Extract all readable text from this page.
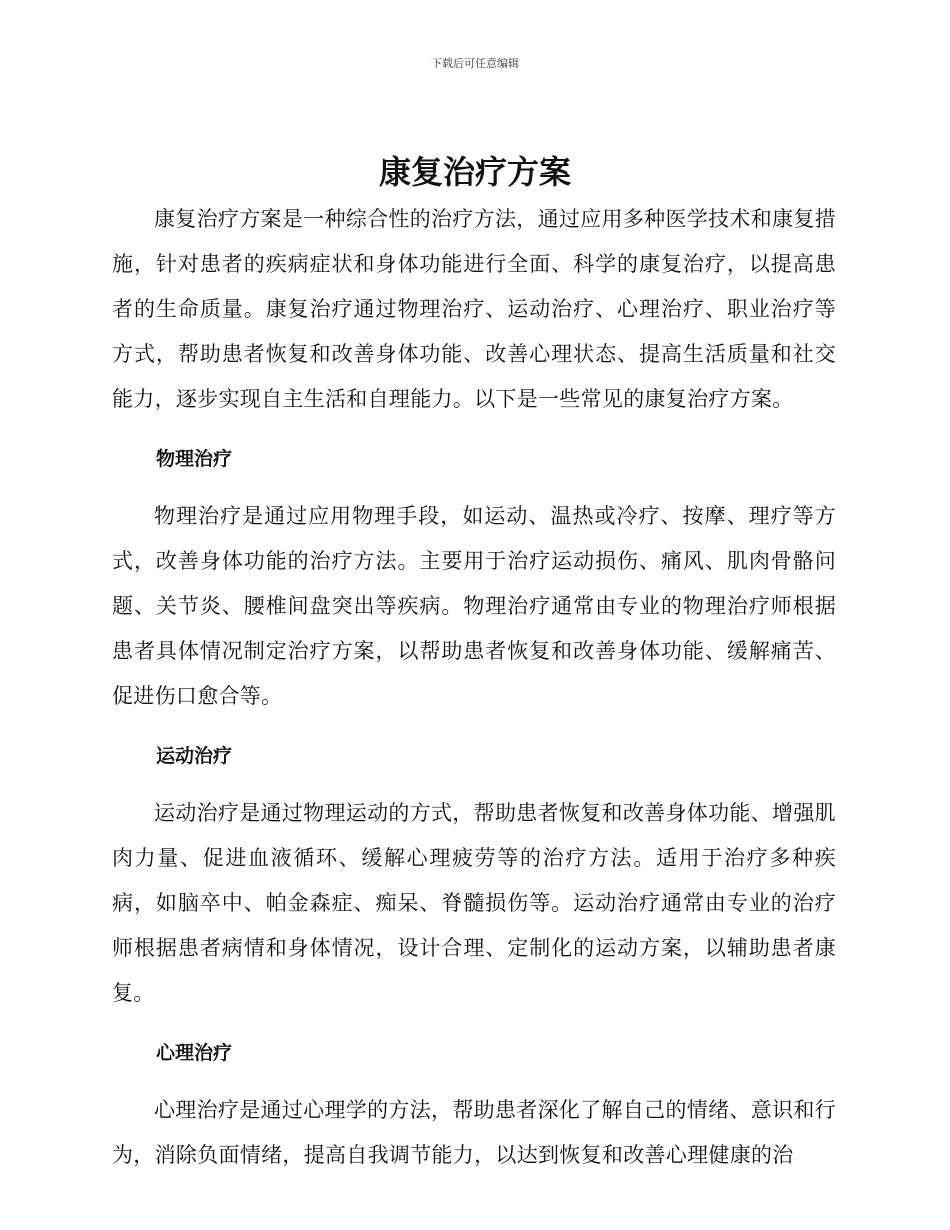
下载后可任意编辑
康复治疗方案

康复治疗方案是一种综合性的治疗方法，通过应用多种医学技术和康复措施，针对患者的疾病症状和身体功能进行全面、科学的康复治疗，以提高患者的生命质量。康复治疗通过物理治疗、运动治疗、心理治疗、职业治疗等方式，帮助患者恢复和改善身体功能、改善心理状态、提高生活质量和社交能力，逐步实现自主生活和自理能力。以下是一些常见的康复治疗方案。

物理治疗

物理治疗是通过应用物理手段，如运动、温热或冷疗、按摩、理疗等方式，改善身体功能的治疗方法。主要用于治疗运动损伤、痛风、肌肉骨骼问题、关节炎、腰椎间盘突出等疾病。物理治疗通常由专业的物理治疗师根据患者具体情况制定治疗方案，以帮助患者恢复和改善身体功能、缓解痛苦、促进伤口愈合等。

运动治疗

运动治疗是通过物理运动的方式，帮助患者恢复和改善身体功能、增强肌肉力量、促进血液循环、缓解心理疲劳等的治疗方法。适用于治疗多种疾病，如脑卒中、帕金森症、痴呆、脊髓损伤等。运动治疗通常由专业的治疗师根据患者病情和身体情况，设计合理、定制化的运动方案，以辅助患者康复。

心理治疗

心理治疗是通过心理学的方法，帮助患者深化了解自己的情绪、意识和行为，消除负面情绪，提高自我调节能力，以达到恢复和改善心理健康的治
